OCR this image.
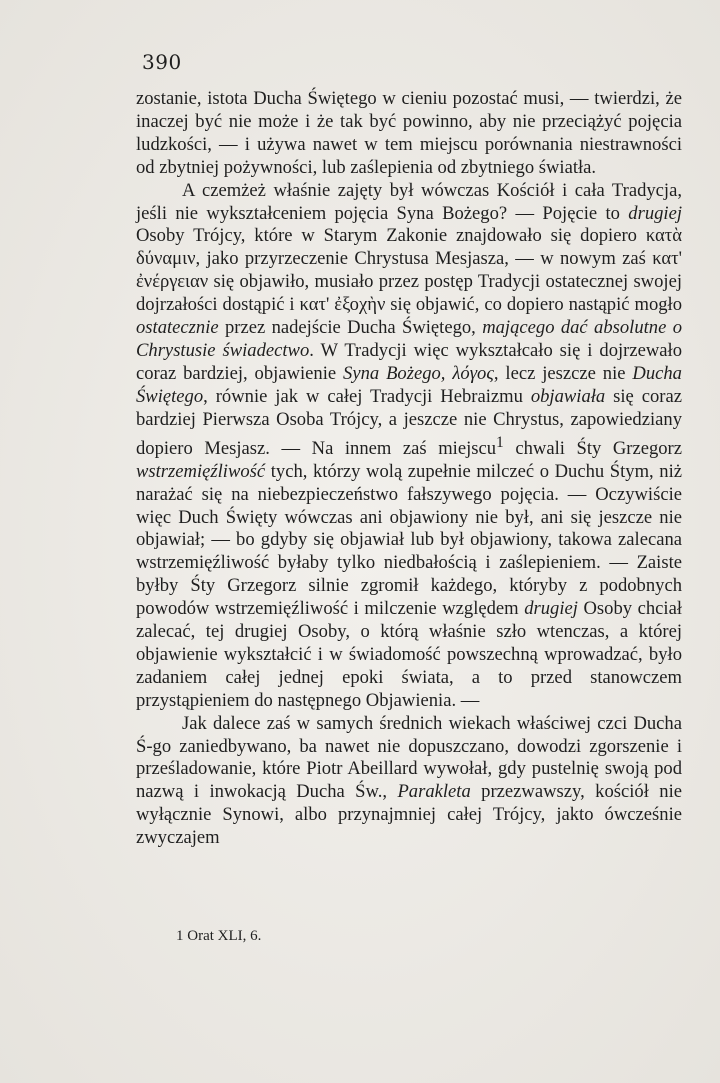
390

zostanie, istota Ducha Świętego w cieniu pozostać musi, — twierdzi, że inaczej być nie może i że tak być powinno, aby nie przeciążyć pojęcia ludzkości, — i używa nawet w tem miejscu porównania niestrawności od zbytniej pożywności, lub zaślepienia od zbytniego światła.

A czemżeż właśnie zajęty był wówczas Kościół i cała Tradycja, jeśli nie wykształceniem pojęcia Syna Bożego? — Pojęcie to drugiej Osoby Trójcy, które w Starym Zakonie znajdowało się dopiero κατὰ δύναμιν, jako przyrzeczenie Chrystusa Mesjasza, — w nowym zaś κατ' ἐνέργειαν się objawiło, musiało przez postęp Tradycji ostatecznej swojej dojrzałości dostąpić i κατ' ἐξοχὴν się objawić, co dopiero nastąpić mogło ostatecznie przez nadejście Ducha Świętego, mającego dać absolutne o Chrystusie świadectwo. W Tradycji więc wykształcało się i dojrzewało coraz bardziej, objawienie Syna Bożego, λόγος, lecz jeszcze nie Ducha Świętego, równie jak w całej Tradycji Hebraizmu objawiała się coraz bardziej Pierwsza Osoba Trójcy, a jeszcze nie Chrystus, zapowiedziany dopiero Mesjasz. — Na innem zaś miejscu$^1$ chwali Śty Grzegorz wstrzemięźliwość tych, którzy wolą zupełnie milczeć o Duchu Śtym, niż narażać się na niebezpieczeństwo fałszywego pojęcia. — Oczywiście więc Duch Święty wówczas ani objawiony nie był, ani się jeszcze nie objawiał; — bo gdyby się objawiał lub był objawiony, takowa zalecana wstrzemięźliwość byłaby tylko niedbałością i zaślepieniem. — Zaiste byłby Śty Grzegorz silnie zgromił każdego, któryby z podobnych powodów wstrzemięźliwość i milczenie względem drugiej Osoby chciał zalecać, tej drugiej Osoby, o którą właśnie szło wtenczas, a której objawienie wykształcić i w świadomość powszechną wprowadzać, było zadaniem całej jednej epoki świata, a to przed stanowczem przystąpieniem do następnego Objawienia. —

Jak dalece zaś w samych średnich wiekach właściwej czci Ducha Ś-go zaniedbywano, ba nawet nie dopuszczano, dowodzi zgorszenie i prześladowanie, które Piotr Abeillard wywołał, gdy pustelnię swoją pod nazwą i inwokacją Ducha Św., Parakleta przezwawszy, kościół nie wyłącznie Synowi, albo przynajmniej całej Trójcy, jakto ówcześnie zwyczajem

1 Orat XLI, 6.
